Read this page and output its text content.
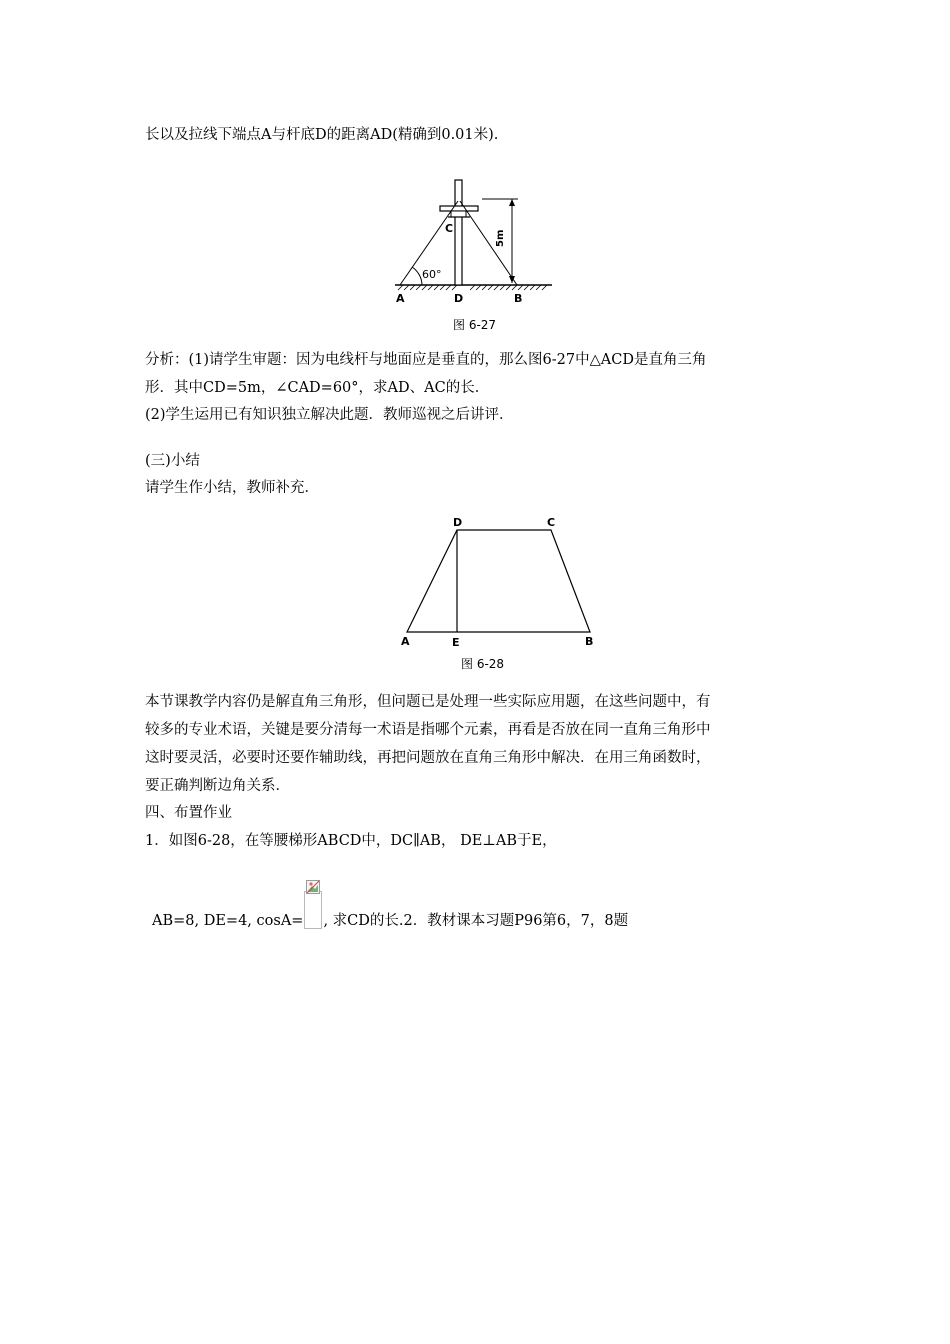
长以及拉线下端点A与杆底D的距离AD(精确到0.01米).
A	D	B
C
60°
5m
图 6-27
分析：(1)请学生审题：因为电线杆与地面应是垂直的，那么图6-27中△ACD是直角三角
形．其中CD=5m，∠CAD=60°，求AD、AC的长．
(2)学生运用已有知识独立解决此题．教师巡视之后讲评．
(三)小结
请学生作小结，教师补充．
D	C
A	E	B
图 6-28
本节课教学内容仍是解直角三角形，但问题已是处理一些实际应用题，在这些问题中，有
较多的专业术语，关键是要分清每一术语是指哪个元素，再看是否放在同一直角三角形中
这时要灵活，必要时还要作辅助线，再把问题放在直角三角形中解决．在用三角函数时，
要正确判断边角关系．
四、布置作业
1．如图6-28，在等腰梯形ABCD中，DC∥AB， DE⊥AB于E，
AB=8, DE=4, cosA= , 求CD的长.2．教材课本习题P96第6，7，8题
